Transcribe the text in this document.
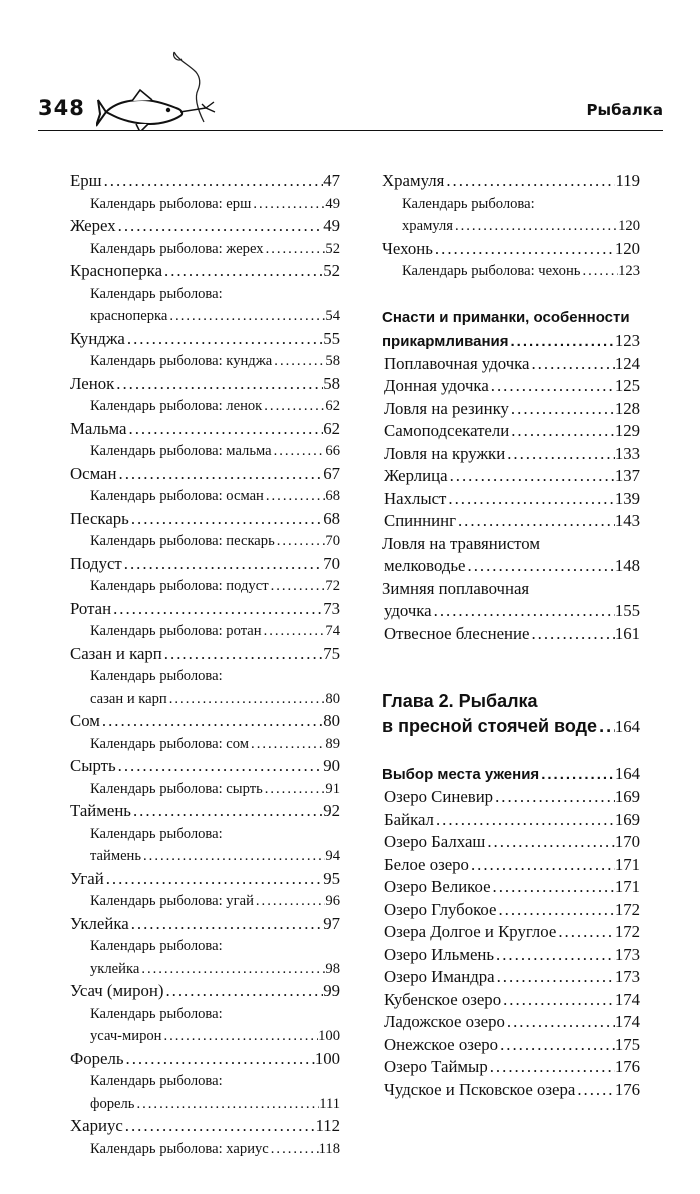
348	Рыбалка
Ерш .....	47
Календарь рыболова: ерш .....	49
Жерех .....	49
Календарь рыболова: жерех .....	52
Красноперка .....	52
Календарь рыболова:
красноперка .....	54
Кунджа .....	55
Календарь рыболова: кунджа .....	58
Ленок .....	58
Календарь рыболова: ленок .....	62
Мальма .....	62
Календарь рыболова: мальма .....	66
Осман .....	67
Календарь рыболова: осман .....	68
Пескарь .....	68
Календарь рыболова: пескарь .....	70
Подуст .....	70
Календарь рыболова: подуст .....	72
Ротан .....	73
Календарь рыболова: ротан .....	74
Сазан и карп .....	75
Календарь рыболова:
сазан и карп .....	80
Сом .....	80
Календарь рыболова: сом .....	89
Сырть .....	90
Календарь рыболова: сырть .....	91
Таймень .....	92
Календарь рыболова:
таймень .....	94
Угай .....	95
Календарь рыболова: угай .....	96
Уклейка .....	97
Календарь рыболова:
уклейка .....	98
Усач (мирон) .....	99
Календарь рыболова:
усач-мирон .....	100
Форель .....	100
Календарь рыболова:
форель .....	111
Хариус .....	112
Календарь рыболова: хариус .....	118
Храмуля .....	119
Календарь рыболова:
храмуля .....	120
Чехонь .....	120
Календарь рыболова: чехонь .....	123
Снасти и приманки, особенности
прикармливания .....	123
Поплавочная удочка .....	124
Донная удочка .....	125
Ловля на резинку .....	128
Самоподсекатели .....	129
Ловля на кружки .....	133
Жерлица .....	137
Нахлыст .....	139
Спиннинг .....	143
Ловля на травянистом
мелководье .....	148
Зимняя поплавочная
удочка .....	155
Отвесное блеснение .....	161
Глава 2. Рыбалка
в пресной стоячей воде ..... 164
Выбор места ужения .....	164
Озеро Синевир .....	169
Байкал .....	169
Озеро Балхаш .....	170
Белое озеро .....	171
Озеро Великое .....	171
Озеро Глубокое .....	172
Озера Долгое и Круглое .....	172
Озеро Ильмень .....	173
Озеро Имандра .....	173
Кубенское озеро .....	174
Ладожское озеро .....	174
Онежское озеро .....	175
Озеро Таймыр .....	176
Чудское и Псковское озера ..... 176
